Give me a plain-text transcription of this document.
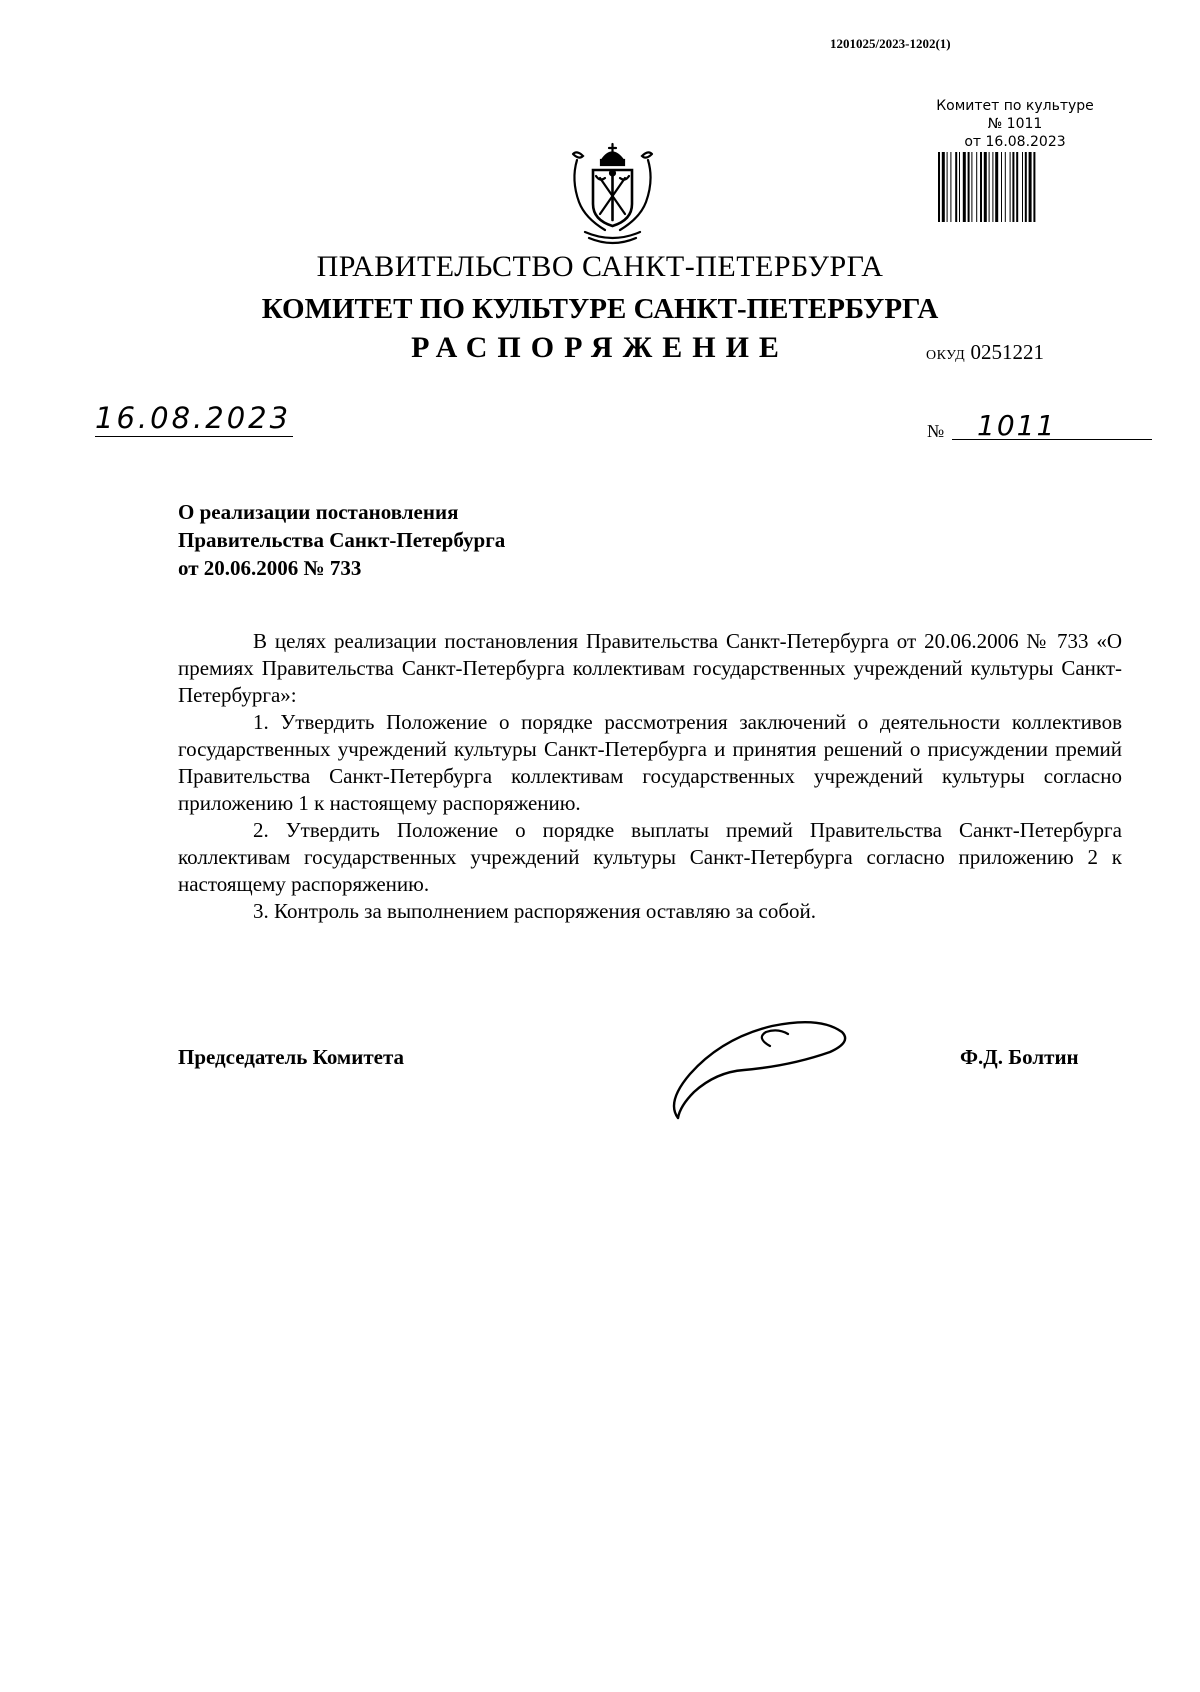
1201025/2023-1202(1)
Комитет по культуре
№ 1011
от 16.08.2023
ПРАВИТЕЛЬСТВО САНКТ-ПЕТЕРБУРГА
КОМИТЕТ ПО КУЛЬТУРЕ САНКТ-ПЕТЕРБУРГА
РАСПОРЯЖЕНИЕ	ОКУД 0251221
16.08.2023	№ 1011
О реализации постановления
Правительства Санкт-Петербурга
от 20.06.2006 № 733

В целях реализации постановления Правительства Санкт-Петербурга от 20.06.2006 № 733 «О премиях Правительства Санкт-Петербурга коллективам государственных учреждений культуры Санкт-Петербурга»:

1. Утвердить Положение о порядке рассмотрения заключений о деятельности коллективов государственных учреждений культуры Санкт-Петербурга и принятия решений о присуждении премий Правительства Санкт-Петербурга коллективам государственных учреждений культуры согласно приложению 1 к настоящему распоряжению.

2. Утвердить Положение о порядке выплаты премий Правительства Санкт-Петербурга коллективам государственных учреждений культуры Санкт-Петербурга согласно приложению 2 к настоящему распоряжению.

3. Контроль за выполнением распоряжения оставляю за собой.

Председатель Комитета	Ф.Д. Болтин
